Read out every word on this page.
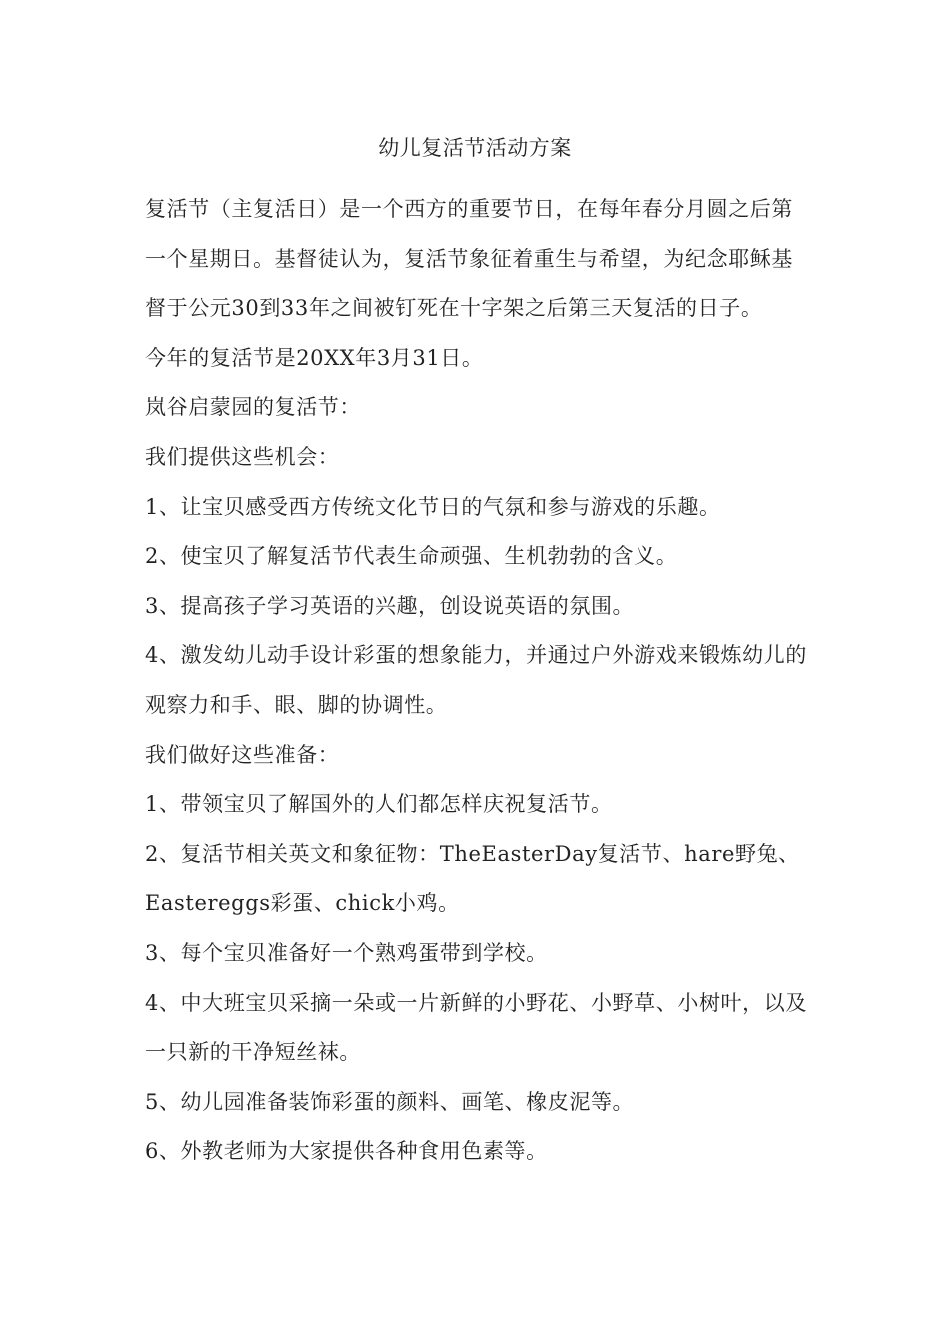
幼儿复活节活动方案

复活节（主复活日）是一个西方的重要节日，在每年春分月圆之后第一个星期日。基督徒认为，复活节象征着重生与希望，为纪念耶稣基督于公元30到33年之间被钉死在十字架之后第三天复活的日子。

今年的复活节是20XX年3月31日。

岚谷启蒙园的复活节：

我们提供这些机会：

1、让宝贝感受西方传统文化节日的气氛和参与游戏的乐趣。

2、使宝贝了解复活节代表生命顽强、生机勃勃的含义。

3、提高孩子学习英语的兴趣，创设说英语的氛围。

4、激发幼儿动手设计彩蛋的想象能力，并通过户外游戏来锻炼幼儿的观察力和手、眼、脚的协调性。

我们做好这些准备：

1、带领宝贝了解国外的人们都怎样庆祝复活节。

2、复活节相关英文和象征物：TheEasterDay复活节、hare野兔、Eastereggs彩蛋、chick小鸡。

3、每个宝贝准备好一个熟鸡蛋带到学校。

4、中大班宝贝采摘一朵或一片新鲜的小野花、小野草、小树叶，以及一只新的干净短丝袜。

5、幼儿园准备装饰彩蛋的颜料、画笔、橡皮泥等。

6、外教老师为大家提供各种食用色素等。
